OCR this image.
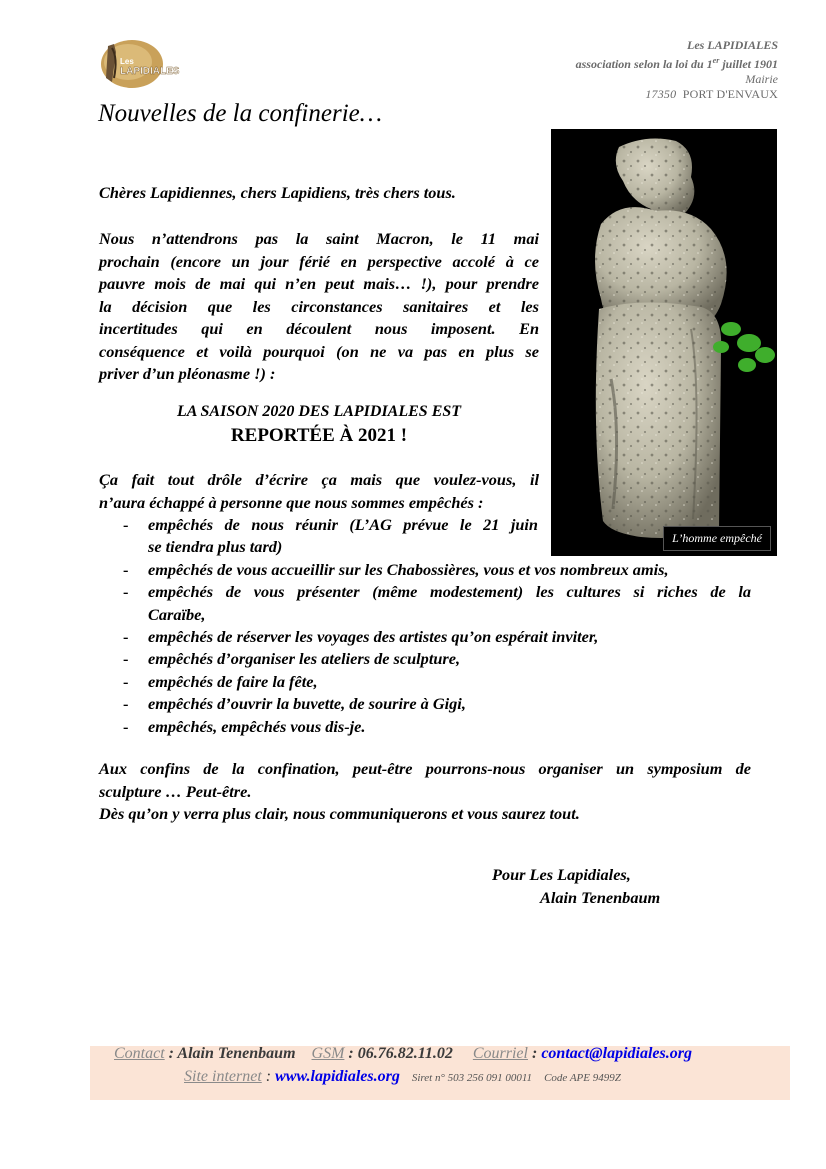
Les
LAPIDIALES
Les LAPIDIALES
association selon la loi du 1er juillet 1901
Mairie
17350 PORT D'ENVAUX
Nouvelles de la confinerie…
L’homme empêché
Chères Lapidiennes, chers Lapidiens, très chers tous.
Nous n’attendrons pas la saint Macron, le 11 mai
prochain (encore un jour férié en perspective accolé à ce
pauvre mois de mai qui n’en peut mais… !), pour prendre
la décision que les circonstances sanitaires et les
incertitudes qui en découlent nous imposent. En
conséquence et voilà pourquoi (on ne va pas en plus se
priver d’un pléonasme !) :
LA SAISON 2020 DES LAPIDIALES EST
REPORTÉE À 2021 !
Ça fait tout drôle d’écrire ça mais que voulez-vous, il
n’aura échappé à personne que nous sommes empêchés :
- empêchés de nous réunir (L’AG prévue le 21 juin
se tiendra plus tard)
- empêchés de vous accueillir sur les Chabossières, vous et vos nombreux amis,
- empêchés de vous présenter (même modestement) les cultures si riches de la
Caraïbe,
- empêchés de réserver les voyages des artistes qu’on espérait inviter,
- empêchés d’organiser les ateliers de sculpture,
- empêchés de faire la fête,
- empêchés d’ouvrir la buvette, de sourire à Gigi,
- empêchés, empêchés vous dis-je.
Aux confins de la confination, peut-être pourrons-nous organiser un symposium de
sculpture … Peut-être.
Dès qu’on y verra plus clair, nous communiquerons et vous saurez tout.
Pour Les Lapidiales,
Alain Tenenbaum
Contact : Alain Tenenbaum GSM : 06.76.82.11.02 Courriel : contact@lapidiales.org
Site internet : www.lapidiales.org Siret n° 503 256 091 00011 Code APE 9499Z
